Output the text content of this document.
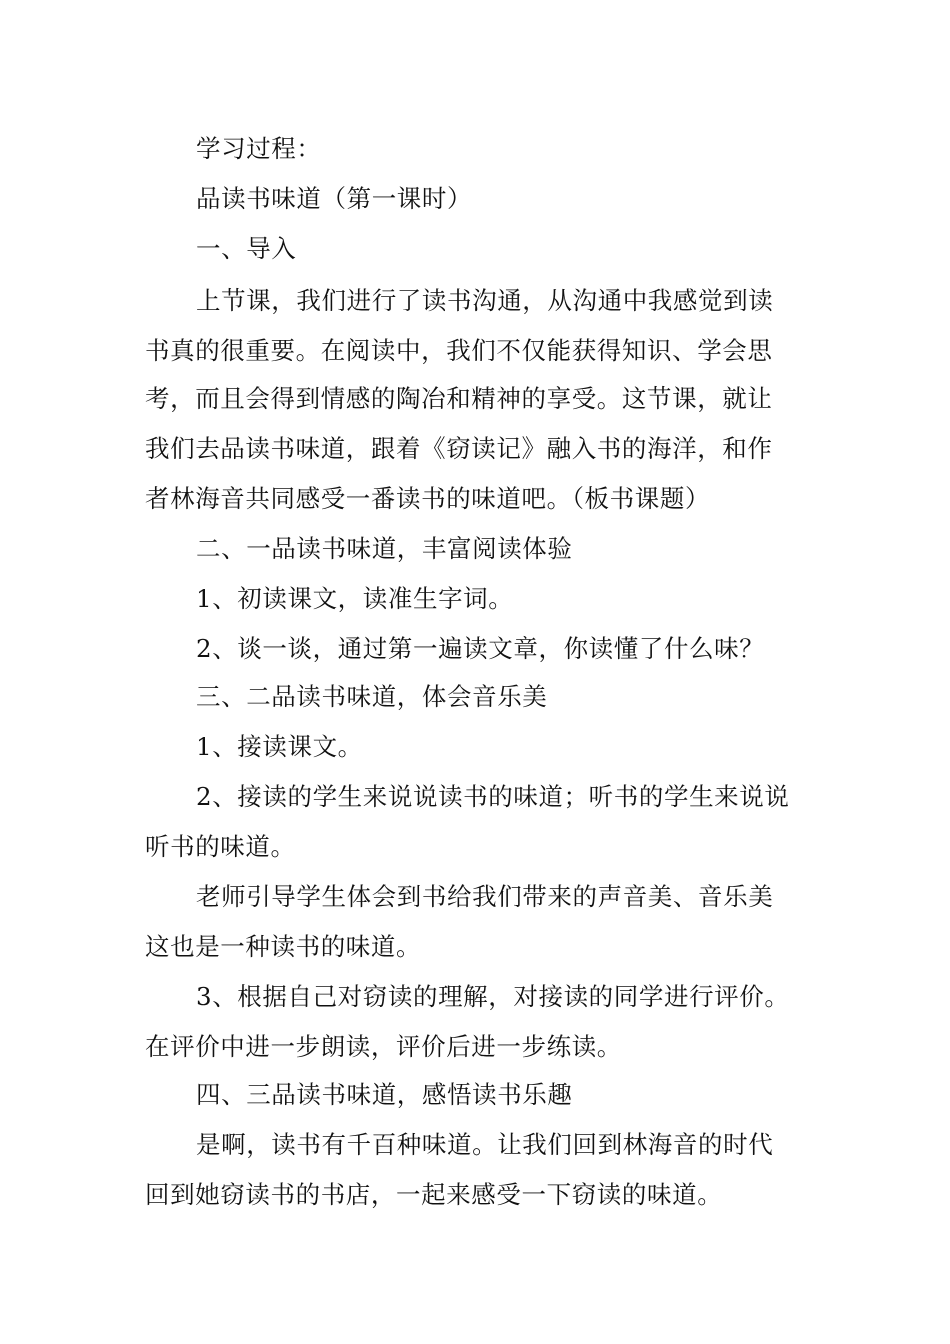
学习过程：
品读书味道（第一课时）
一、导入
上节课，我们进行了读书沟通，从沟通中我感觉到读
书真的很重要。在阅读中，我们不仅能获得知识、学会思
考，而且会得到情感的陶冶和精神的享受。这节课，就让
我们去品读书味道，跟着《窃读记》融入书的海洋，和作
者林海音共同感受一番读书的味道吧。（板书课题）
二、一品读书味道，丰富阅读体验
1、初读课文，读准生字词。
2、谈一谈，通过第一遍读文章，你读懂了什么味？
三、二品读书味道，体会音乐美
1、接读课文。
2、接读的学生来说说读书的味道；听书的学生来说说
听书的味道。
老师引导学生体会到书给我们带来的声音美、音乐美
这也是一种读书的味道。
3、根据自己对窃读的理解，对接读的同学进行评价。
在评价中进一步朗读，评价后进一步练读。
四、三品读书味道，感悟读书乐趣
是啊，读书有千百种味道。让我们回到林海音的时代
回到她窃读书的书店，一起来感受一下窃读的味道。
